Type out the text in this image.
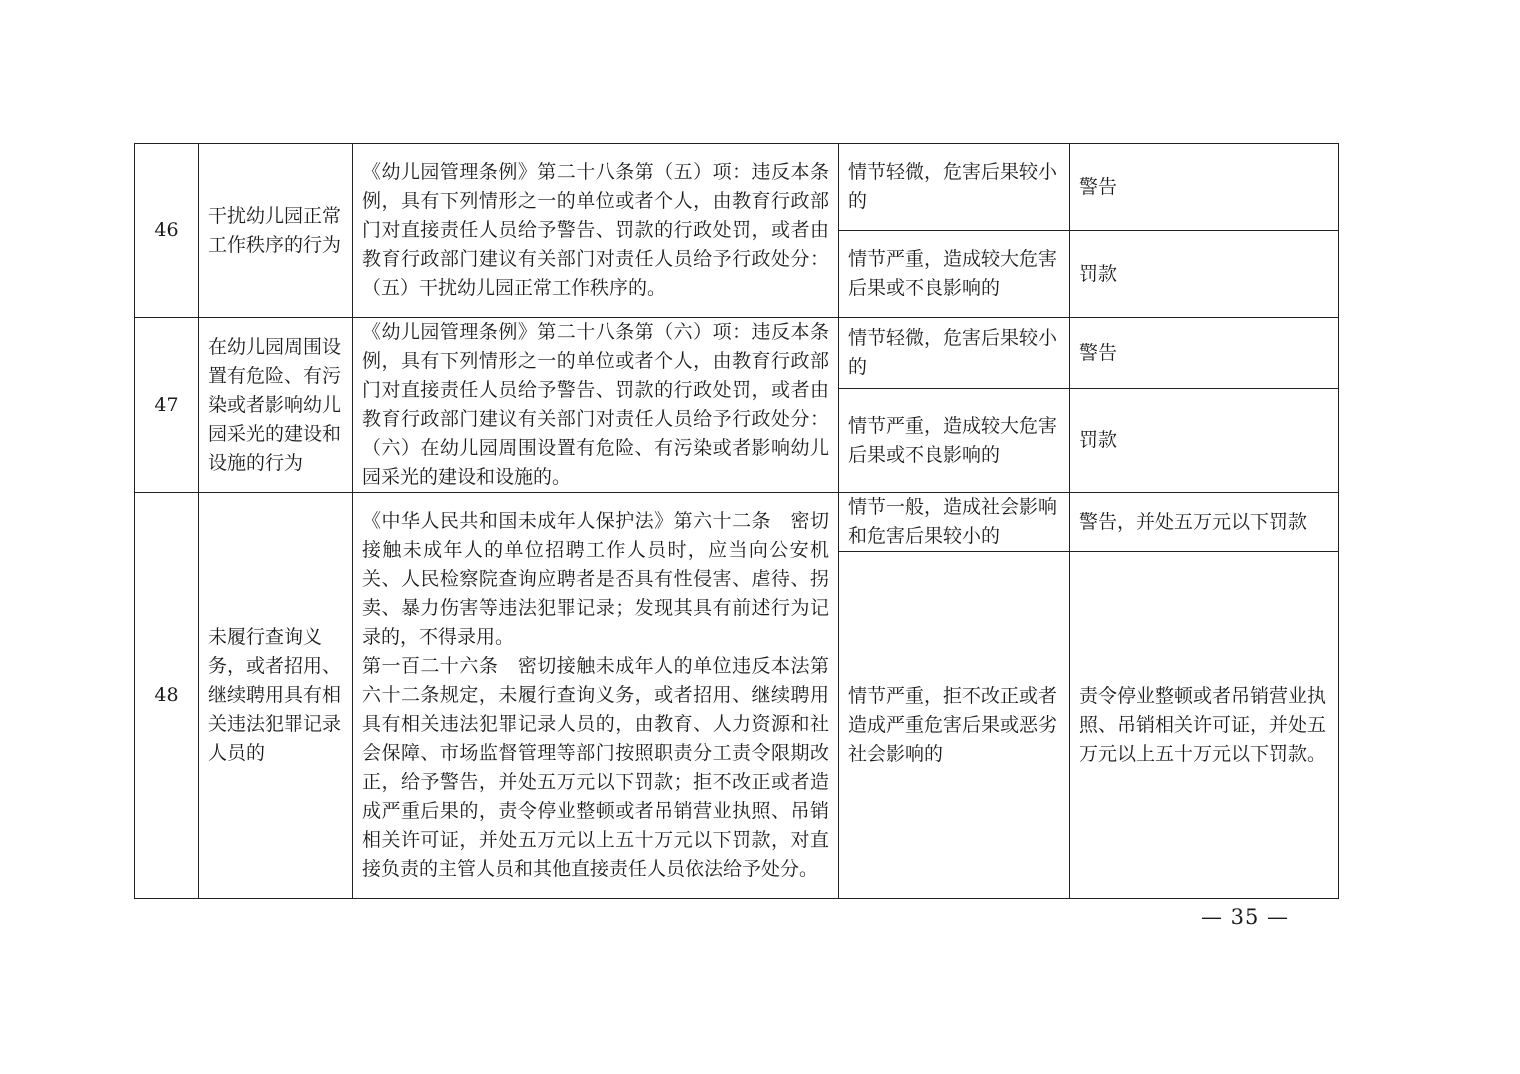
46	干扰幼儿园正常工作秩序的行为	《幼儿园管理条例》第二十八条第（五）项：违反本条例，具有下列情形之一的单位或者个人，由教育行政部门对直接责任人员给予警告、罚款的行政处罚，或者由教育行政部门建议有关部门对责任人员给予行政处分：（五）干扰幼儿园正常工作秩序的。	情节轻微，危害后果较小的	警告
			情节严重，造成较大危害后果或不良影响的	罚款
47	在幼儿园周围设置有危险、有污染或者影响幼儿园采光的建设和设施的行为	《幼儿园管理条例》第二十八条第（六）项：违反本条例，具有下列情形之一的单位或者个人，由教育行政部门对直接责任人员给予警告、罚款的行政处罚，或者由教育行政部门建议有关部门对责任人员给予行政处分：（六）在幼儿园周围设置有危险、有污染或者影响幼儿园采光的建设和设施的。	情节轻微，危害后果较小的	警告
			情节严重，造成较大危害后果或不良影响的	罚款
48	未履行查询义务，或者招用、继续聘用具有相关违法犯罪记录人员的	《中华人民共和国未成年人保护法》第六十二条　密切接触未成年人的单位招聘工作人员时，应当向公安机关、人民检察院查询应聘者是否具有性侵害、虐待、拐卖、暴力伤害等违法犯罪记录；发现其具有前述行为记录的，不得录用。
第一百二十六条　密切接触未成年人的单位违反本法第六十二条规定，未履行查询义务，或者招用、继续聘用具有相关违法犯罪记录人员的，由教育、人力资源和社会保障、市场监督管理等部门按照职责分工责令限期改正，给予警告，并处五万元以下罚款；拒不改正或者造成严重后果的，责令停业整顿或者吊销营业执照、吊销相关许可证，并处五万元以上五十万元以下罚款，对直接负责的主管人员和其他直接责任人员依法给予处分。	情节一般，造成社会影响和危害后果较小的	警告，并处五万元以下罚款
			情节严重，拒不改正或者造成严重危害后果或恶劣社会影响的	责令停业整顿或者吊销营业执照、吊销相关许可证，并处五万元以上五十万元以下罚款。
— 35 —
